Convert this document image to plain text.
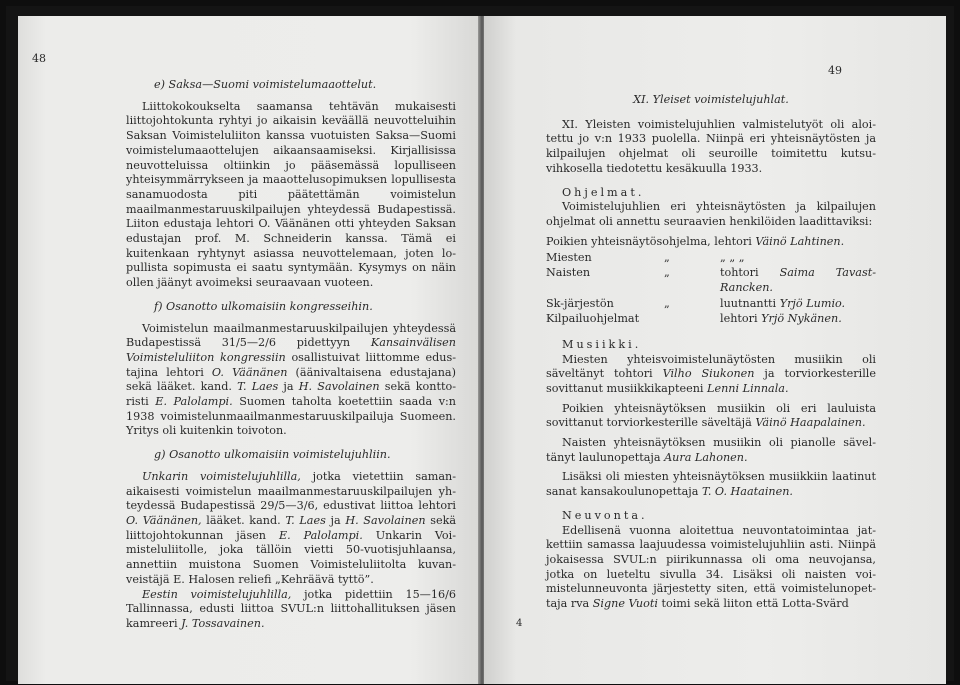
48

e) Saksa—Suomi voimistelumaaottelut.

Liittokokoukselta saamansa tehtävän mukaisesti liittojohtokunta ryhtyi jo aikaisin keväällä neuvotteluihin Saksan Voimisteluliiton kanssa vuotuisten Saksa—Suomi voimistelumaaottelujen aikaansaamiseksi. Kirjallisissa neuvotteluissa oltiinkin jo pääsemässä lopulliseen yhteisymmärrykseen ja maaottelusopimuksen lopullisesta sanamuodosta piti päätettämän voimistelun maailmanmestaruuskilpailujen yhteydessä Budapestissä. Liiton edustaja lehtori O. Väänänen otti yhteyden Saksan edustajan prof. M. Schneiderin kanssa. Tämä ei kuitenkaan ryhtynyt asiassa neuvottelemaan, joten lopullista sopimusta ei saatu syntymään. Kysymys on näin ollen jäänyt avoimeksi seuraavaan vuoteen.

f) Osanotto ulkomaisiin kongresseihin.

Voimistelun maailmanmestaruuskilpailujen yhteydessä Budapestissä 31/5—2/6 pidettyyn Kansainvälisen Voimisteluliiton kongressiin osallistuivat liittomme edustajina lehtori O. Väänänen (äänivaltaisena edustajana) sekä lääket. kand. T. Laes ja H. Savolainen sekä konttoristi E. Palolampi. Suomen taholta koetettiin saada v:n 1938 voimistelunmaailmanmestaruuskilpailuja Suomeen. Yritys oli kuitenkin toivoton.

g) Osanotto ulkomaisiin voimistelujuhliin.

Unkarin voimistelujuhlilla, jotka vietettiin samanaikaisesti voimistelun maailmanmestaruuskilpailujen yhteydessä Budapestissä 29/5—3/6, edustivat liittoa lehtori O. Väänänen, lääket. kand. T. Laes ja H. Savolainen sekä liittojohtokunnan jäsen E. Palolampi. Unkarin Voimisteluliitolle, joka tällöin vietti 50-vuotisjuhlaansa, annettiin muistona Suomen Voimisteluliitolta kuvanveistäjä E. Halosen reliefi „Kehräävä tyttö”.

Eestin voimistelujuhlilla, jotka pidettiin 15—16/6 Tallinnassa, edusti liittoa SVUL:n liittohallituksen jäsen kamreeri J. Tossavainen.

49

XI. Yleiset voimistelujuhlat.

XI. Yleisten voimistelujuhlien valmistelutyöt oli aloitettu jo v:n 1933 puolella. Niinpä eri yhteisnäytösten ja kilpailujen ohjelmat oli seuroille toimitettu kutsuvihkosella tiedotettu kesäkuulla 1933.

Ohjelmat.

Voimistelujuhlien eri yhteisnäytösten ja kilpailujen ohjelmat oli annettu seuraavien henkilöiden laadittaviksi:

Poikien yhteisnäytösohjelma, lehtori Väinö Lahtinen.

Miesten	„	„ „ „
Naisten	„	tohtori Saima Tavast-Rancken.
Sk-järjestön	„	luutnantti Yrjö Lumio.
Kilpailuohjelmat	lehtori Yrjö Nykänen.

Musiikki.

Miesten yhteisvoimistelunäytösten musiikin oli säveltänyt tohtori Vilho Siukonen ja torviorkesterille sovittanut musiikkikapteeni Lenni Linnala.

Poikien yhteisnäytöksen musiikin oli eri lauluista sovittanut torviorkesterille säveltäjä Väinö Haapalainen.

Naisten yhteisnäytöksen musiikin oli pianolle säveltänyt laulunopettaja Aura Lahonen.

Lisäksi oli miesten yhteisnäytöksen musiikkiin laatinut sanat kansakoulunopettaja T. O. Haatainen.

Neuvonta.

Edellisenä vuonna aloitettua neuvontatoimintaa jatkettiin samassa laajuudessa voimistelujuhliin asti. Niinpä jokaisessa SVUL:n piirikunnassa oli oma neuvojansa, jotka on lueteltu sivulla 34. Lisäksi oli naisten voimistelunneuvonta järjestetty siten, että voimistelunopettaja rva Signe Vuoti toimi sekä liiton että Lotta-Svärd

4
